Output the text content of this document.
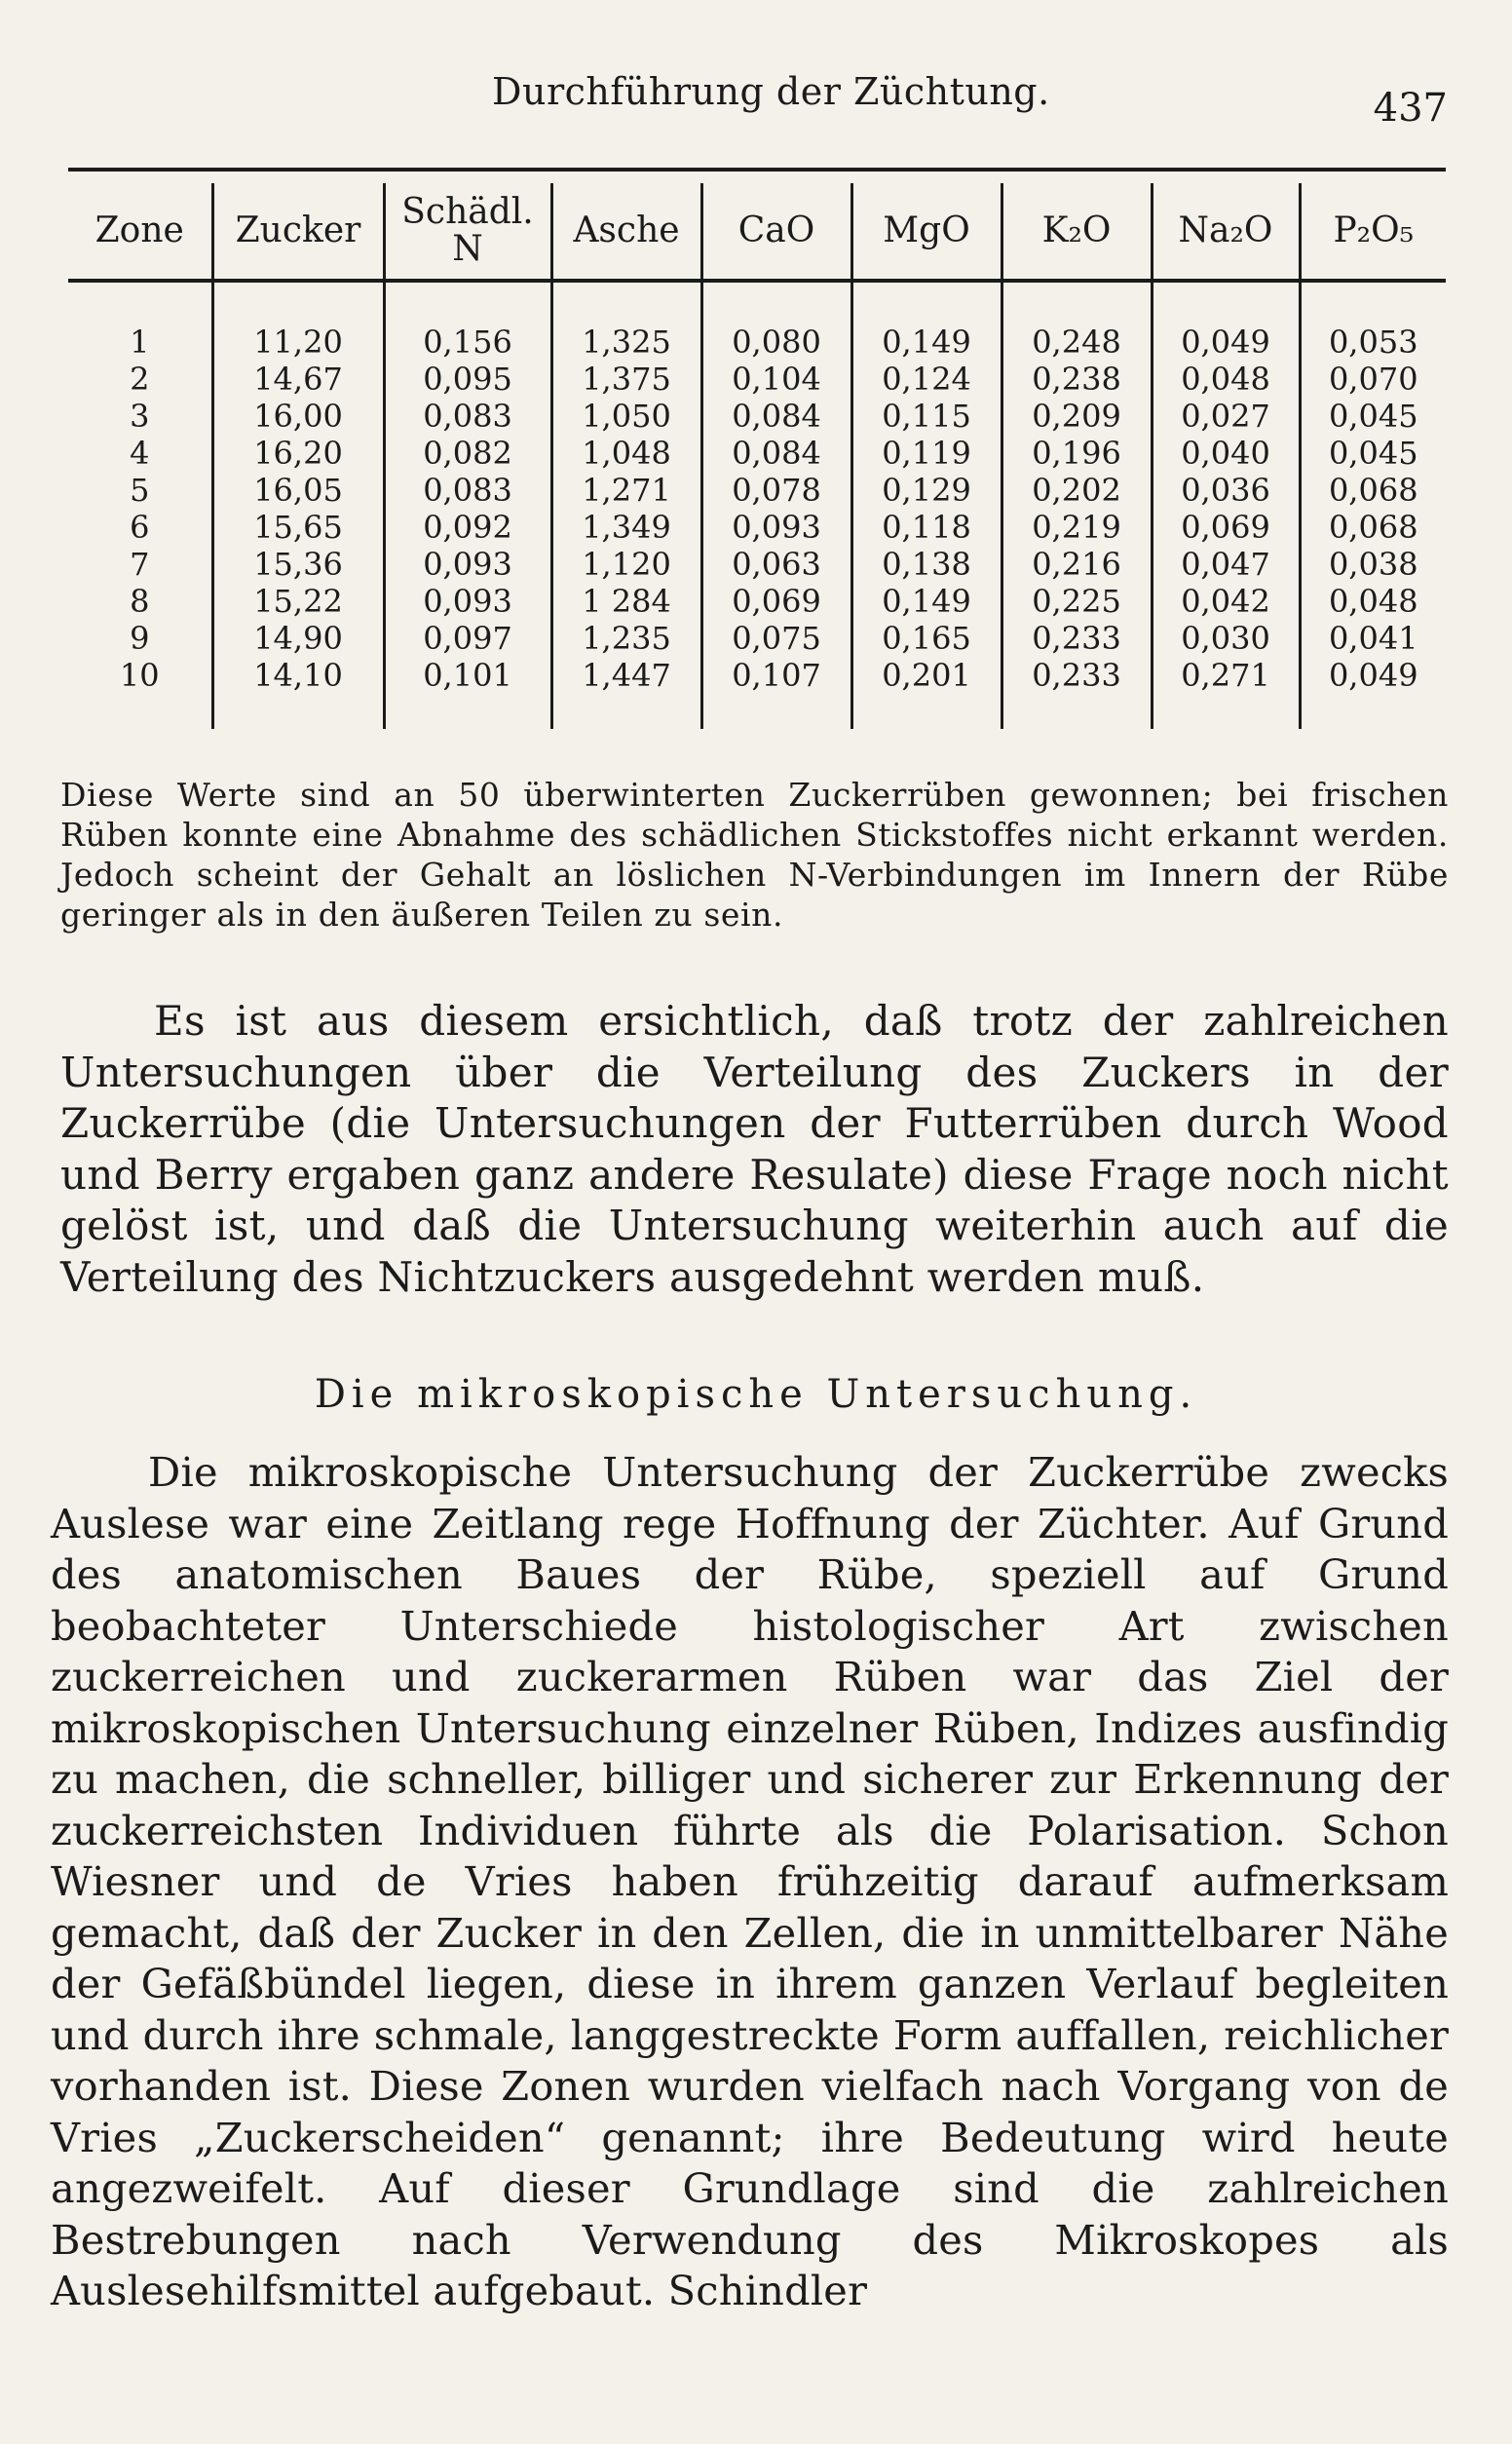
Durchführung der Züchtung.	437
Zone	Zucker	Schädl. N	Asche	CaO	MgO	K₂O	Na₂O	P₂O₅

1	11,20	0,156	1,325	0,080	0,149	0,248	0,049	0,053
2	14,67	0,095	1,375	0,104	0,124	0,238	0,048	0,070
3	16,00	0,083	1,050	0,084	0,115	0,209	0,027	0,045
4	16,20	0,082	1,048	0,084	0,119	0,196	0,040	0,045
5	16,05	0,083	1,271	0,078	0,129	0,202	0,036	0,068
6	15,65	0,092	1,349	0,093	0,118	0,219	0,069	0,068
7	15,36	0,093	1,120	0,063	0,138	0,216	0,047	0,038
8	15,22	0,093	1 284	0,069	0,149	0,225	0,042	0,048
9	14,90	0,097	1,235	0,075	0,165	0,233	0,030	0,041
10	14,10	0,101	1,447	0,107	0,201	0,233	0,271	0,049

Diese Werte sind an 50 überwinterten Zuckerrüben gewonnen; bei frischen Rüben konnte eine Abnahme des schädlichen Stickstoffes nicht erkannt werden. Jedoch scheint der Gehalt an löslichen N-Verbindungen im Innern der Rübe geringer als in den äußeren Teilen zu sein.
Es ist aus diesem ersichtlich, daß trotz der zahlreichen Untersuchungen über die Verteilung des Zuckers in der Zuckerrübe (die Untersuchungen der Futterrüben durch Wood und Berry ergaben ganz andere Resulate) diese Frage noch nicht gelöst ist, und daß die Untersuchung weiterhin auch auf die Verteilung des Nichtzuckers ausgedehnt werden muß.
Die mikroskopische Untersuchung.
Die mikroskopische Untersuchung der Zuckerrübe zwecks Auslese war eine Zeitlang rege Hoffnung der Züchter. Auf Grund des anatomischen Baues der Rübe, speziell auf Grund beobachteter Unterschiede histologischer Art zwischen zuckerreichen und zuckerarmen Rüben war das Ziel der mikroskopischen Untersuchung einzelner Rüben, Indizes ausfindig zu machen, die schneller, billiger und sicherer zur Erkennung der zuckerreichsten Individuen führte als die Polarisation. Schon Wiesner und de Vries haben frühzeitig darauf aufmerksam gemacht, daß der Zucker in den Zellen, die in unmittelbarer Nähe der Gefäßbündel liegen, diese in ihrem ganzen Verlauf begleiten und durch ihre schmale, langgestreckte Form auffallen, reichlicher vorhanden ist. Diese Zonen wurden vielfach nach Vorgang von de Vries „Zuckerscheiden“ genannt; ihre Bedeutung wird heute angezweifelt. Auf dieser Grundlage sind die zahlreichen Bestrebungen nach Verwendung des Mikroskopes als Auslesehilfsmittel aufgebaut. Schindler
